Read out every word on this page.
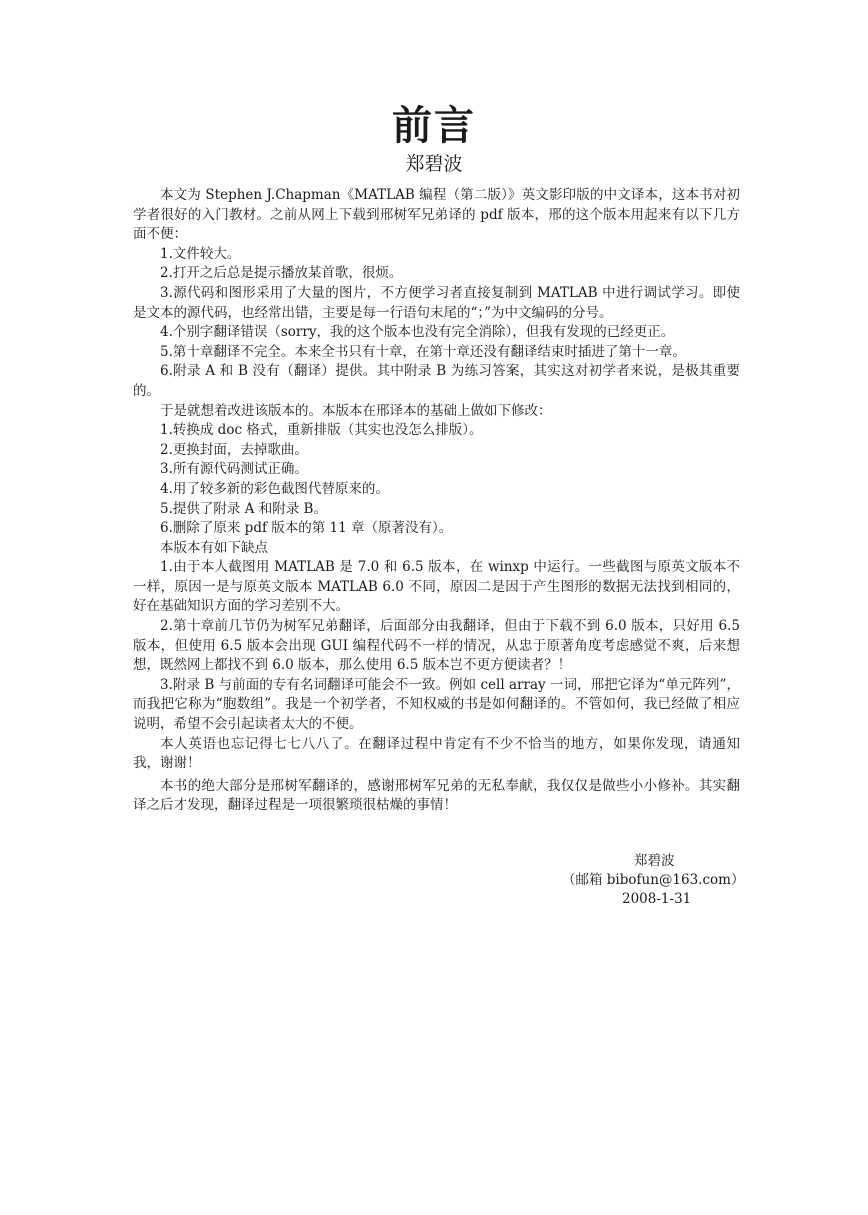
前言
郑碧波

本文为 Stephen J.Chapman《MATLAB 编程（第二版）》英文影印版的中文译本，这本书对初学者很好的入门教材。之前从网上下载到邢树军兄弟译的 pdf 版本，邢的这个版本用起来有以下几方面不便：

1.文件较大。

2.打开之后总是提示播放某首歌，很烦。

3.源代码和图形采用了大量的图片，不方便学习者直接复制到 MATLAB 中进行调试学习。即使是文本的源代码，也经常出错，主要是每一行语句末尾的“；”为中文编码的分号。

4.个别字翻译错误（sorry，我的这个版本也没有完全消除），但我有发现的已经更正。

5.第十章翻译不完全。本来全书只有十章，在第十章还没有翻译结束时插进了第十一章。

6.附录 A 和 B 没有（翻译）提供。其中附录 B 为练习答案，其实这对初学者来说，是极其重要的。

于是就想着改进该版本的。本版本在邢译本的基础上做如下修改：

1.转换成 doc 格式，重新排版（其实也没怎么排版）。

2.更换封面，去掉歌曲。

3.所有源代码测试正确。

4.用了较多新的彩色截图代替原来的。

5.提供了附录 A 和附录 B。

6.删除了原来 pdf 版本的第 11 章（原著没有）。

本版本有如下缺点

1.由于本人截图用 MATLAB 是 7.0 和 6.5 版本，在 winxp 中运行。一些截图与原英文版本不一样，原因一是与原英文版本 MATLAB 6.0 不同，原因二是因于产生图形的数据无法找到相同的，好在基础知识方面的学习差别不大。

2.第十章前几节仍为树军兄弟翻译，后面部分由我翻译，但由于下载不到 6.0 版本，只好用 6.5 版本，但使用 6.5 版本会出现 GUI 编程代码不一样的情况，从忠于原著角度考虑感觉不爽，后来想想，既然网上都找不到 6.0 版本，那么使用 6.5 版本岂不更方便读者？！

3.附录 B 与前面的专有名词翻译可能会不一致。例如 cell array 一词，邢把它译为“单元阵列”，而我把它称为“胞数组”。我是一个初学者，不知权威的书是如何翻译的。不管如何，我已经做了相应说明，希望不会引起读者太大的不便。

本人英语也忘记得七七八八了。在翻译过程中肯定有不少不恰当的地方，如果你发现，请通知我，谢谢！

本书的绝大部分是邢树军翻译的，感谢邢树军兄弟的无私奉献，我仅仅是做些小小修补。其实翻译之后才发现，翻译过程是一项很繁琐很枯燥的事情！

郑碧波
（邮箱 bibofun@163.com）
2008-1-31
